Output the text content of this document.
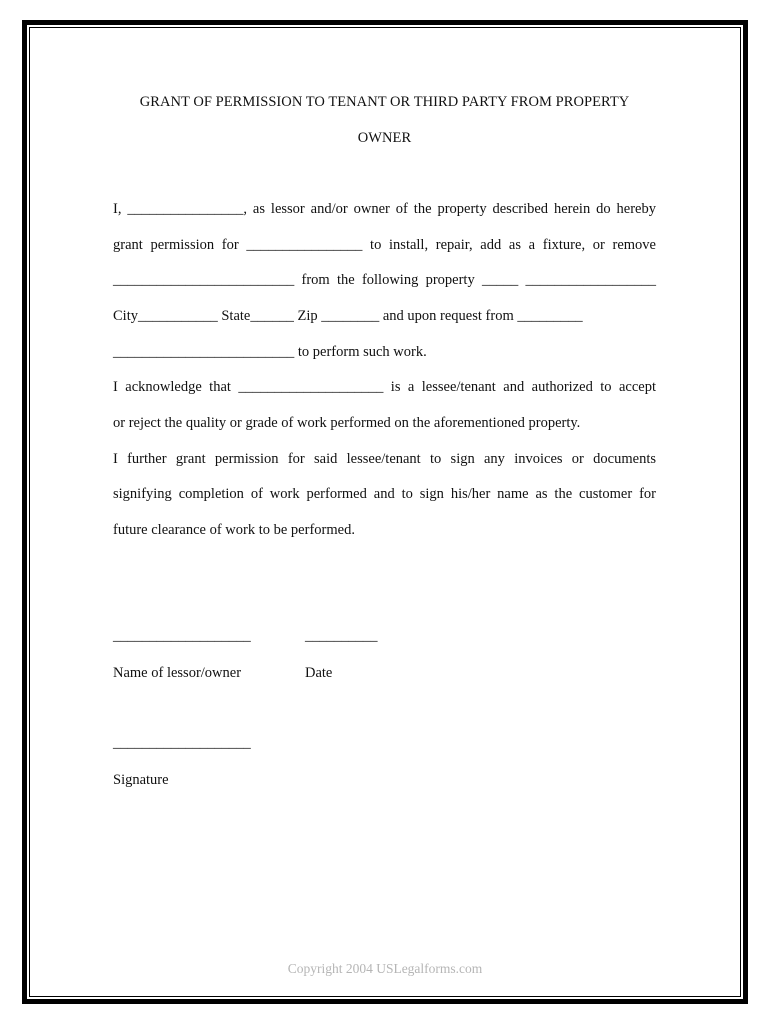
GRANT OF PERMISSION TO TENANT OR THIRD PARTY FROM PROPERTY
OWNER
I, ________________, as lessor and/or owner of the property described herein do hereby
grant permission for ________________ to install, repair, add as a fixture, or remove
_________________________ from the following property _____ __________________
City___________ State______ Zip ________ and upon request from _________
_________________________ to perform such work.
I acknowledge that ____________________ is a lessee/tenant and authorized to accept
or reject the quality or grade of work performed on the aforementioned property.
I further grant permission for said lessee/tenant to sign any invoices or documents
signifying completion of work performed and to sign his/her name as the customer for
future clearance of work to be performed.
___________________	__________
Name of lessor/owner	Date
___________________
Signature
Copyright 2004 USLegalforms.com
